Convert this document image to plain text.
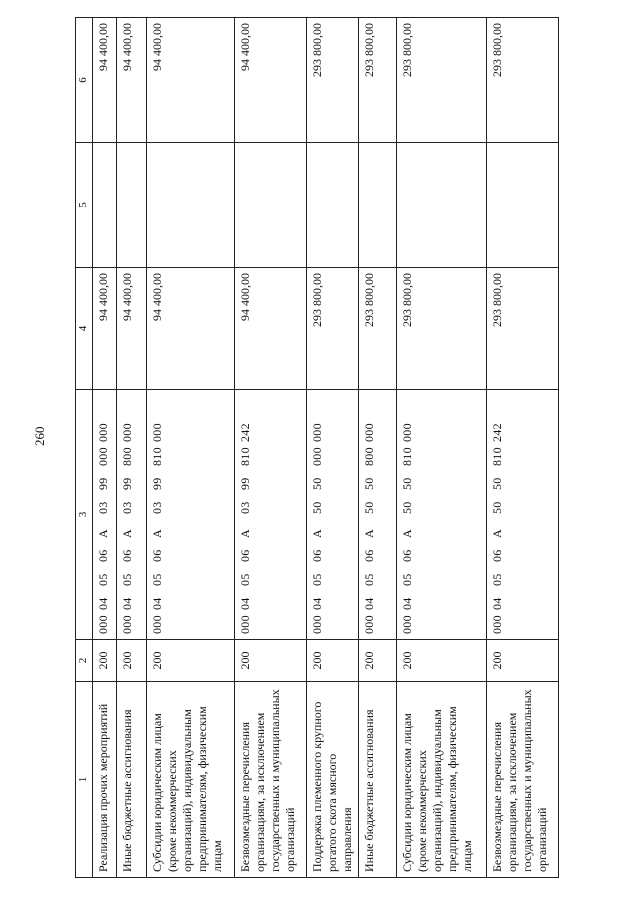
260
1	2	3	4	5	6
Реализация прочих мероприятий	200	000040506А0399000000	94 400,00		94 400,00
Иные бюджетные ассигнования	200	000040506А0399800000	94 400,00		94 400,00
Субсидии юридическим лицам (кроме некоммерческих организаций), индивидуальным предпринимателям, физическим лицам	200	000040506А0399810000	94 400,00		94 400,00
Безвозмездные перечисления организациям, за исключением государственных и муниципальных организаций	200	000040506А0399810242	94 400,00		94 400,00
Поддержка племенного крупного рогатого скота мясного направления	200	000040506А5050000000	293 800,00		293 800,00
Иные бюджетные ассигнования	200	000040506А5050800000	293 800,00		293 800,00
Субсидии юридическим лицам (кроме некоммерческих организаций), индивидуальным предпринимателям, физическим лицам	200	000040506А5050810000	293 800,00		293 800,00
Безвозмездные перечисления организациям, за исключением государственных и муниципальных организаций	200	000040506А5050810242	293 800,00		293 800,00
